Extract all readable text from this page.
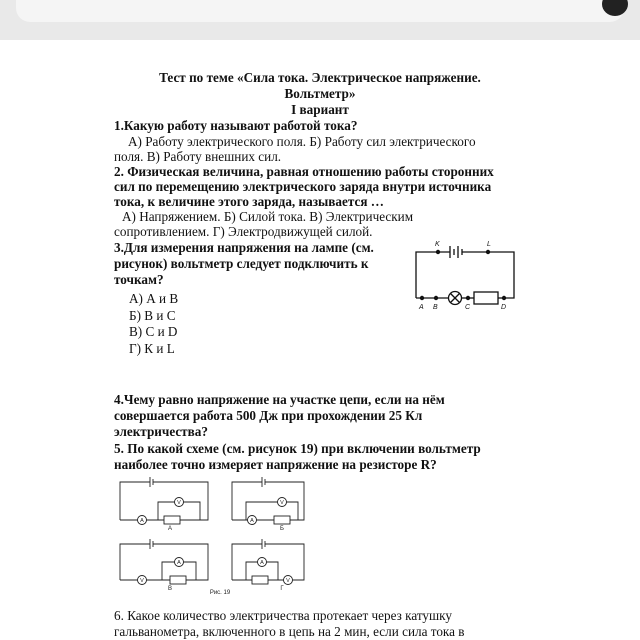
Тест по теме «Сила тока. Электрическое напряжение.
Вольтметр»
I вариант
1.Какую работу называют работой тока?
А) Работу электрического поля. Б) Работу сил электрического
поля. В) Работу внешних сил.
2. Физическая величина, равная отношению работы сторонних
сил по перемещению электрического заряда внутри источника
тока, к величине этого заряда, называется …
А) Напряжением. Б) Силой тока. В) Электрическим
сопротивлением. Г) Электродвижущей силой.
3.Для измерения напряжения на лампе (см.
рисунок) вольтметр следует подключить к
точкам?
А) А и В
Б) В и С
В) С и D
Г) К и L
K	L
A B	C	D
4.Чему равно напряжение на участке цепи, если на нём
совершается работа 500 Дж при прохождении 25 Кл
электричества?
5. По какой схеме (см. рисунок 19) при включении вольтметр
наиболее точно измеряет напряжение на резисторе R?
V
A
V
A
V
A
V
A
А	Б
В	Г
Рис. 19
6. Какое количество электричества протекает через катушку
гальванометра, включенного в цепь на 2 мин, если сила тока в
